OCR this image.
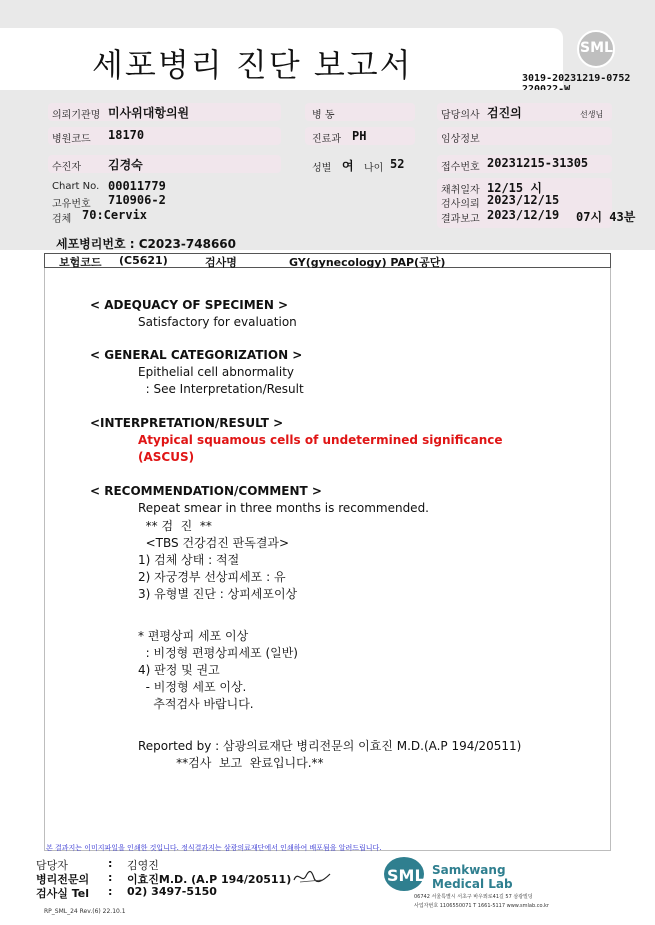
세포병리 진단 보고서	SML
3019-20231219-0752
의뢰기관명 미사위대항의원
병원코드 18170
수진자 김경숙
Chart No. 00011779
고유번호 710906-2
검체 70:Cervix
병 동
진료과 PH
성별 여 나이 52
담당의사 검진의	선생님
임상정보
접수번호 20231215-31305
채취일자 12/15 시
검사의뢰 2023/12/15
결과보고 2023/12/19 07시 43분
세포병리번호 : C2023-748660
보험코드 (C5621)	검사명	GY(gynecology) PAP(공단)
< ADEQUACY OF SPECIMEN >
Satisfactory for evaluation
< GENERAL CATEGORIZATION >
Epithelial cell abnormality
: See Interpretation/Result
<INTERPRETATION/RESULT >
Atypical squamous cells of undetermined significance
(ASCUS)
< RECOMMENDATION/COMMENT >
Repeat smear in three months is recommended.
** 검  진  **
<TBS 건강검진 판독결과>
1) 검체 상태 : 적절
2) 자궁경부 선상피세포 : 유
3) 유형별 진단 : 상피세포이상
* 편평상피 세포 이상
: 비정형 편평상피세포 (일반)
4) 판정 및 권고
- 비정형 세포 이상.
추적검사 바랍니다.
Reported by : 삼광의료재단 병리전문의 이효진 M.D.(A.P 194/20511)
**검사  보고  완료입니다.**
본 결과지는 이미지파일을 인쇄한 것입니다. 정식결과지는 삼광의료재단에서 인쇄하여 배포됨을 알려드립니다.
담당자	: 김영진
병리전문의 : 이효진M.D. (A.P 194/20511)
검사실 Tel : 02) 3497-5150
RP_SML_24 Rev.(6) 22.10.1
SML Samkwang
Medical Lab
06742 서울특별시 서초구 바우뫼로41길 57 삼광빌딩
사업자번호 1106550071 T 1661-5117 www.smlab.co.kr
